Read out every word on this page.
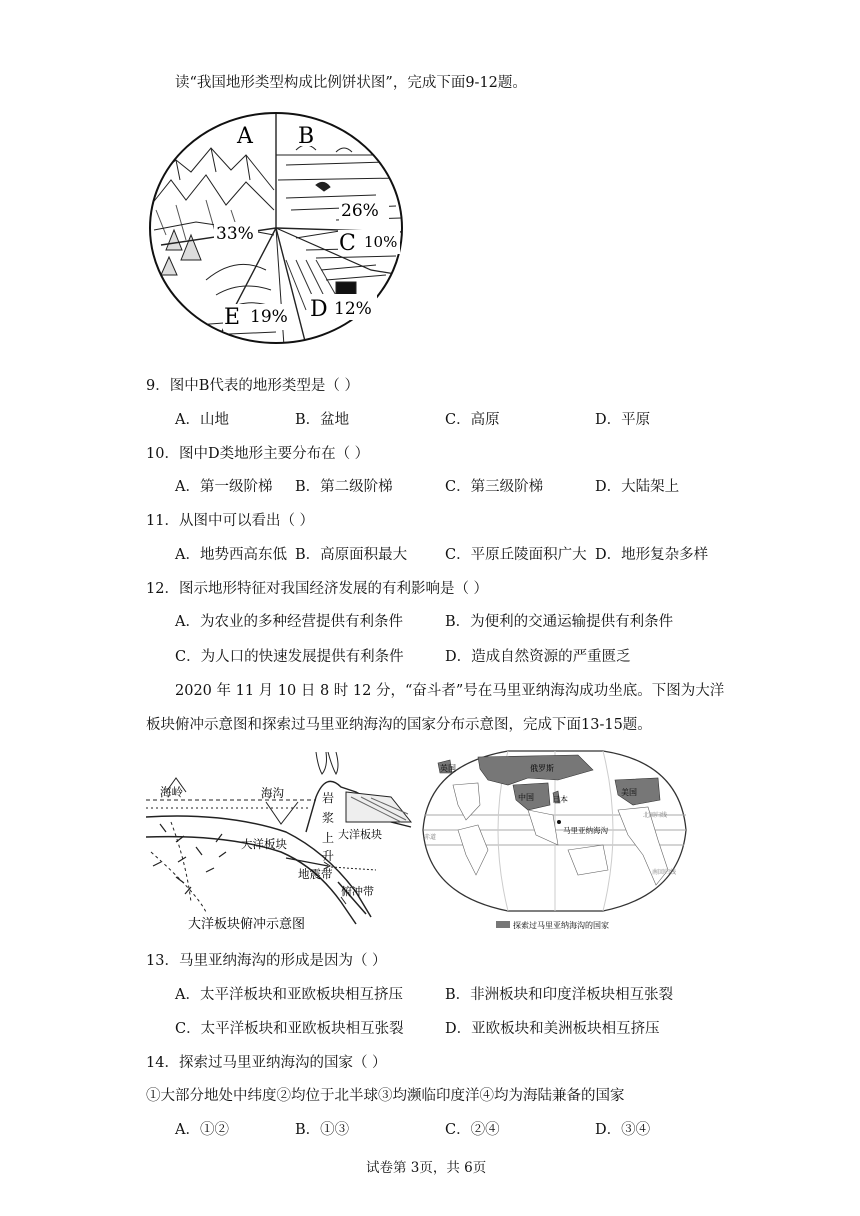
读“我国地形类型构成比例饼状图”，完成下面9-12题。
A B
26%
33%	C 10%
D 12%
E 19%
9．图中B代表的地形类型是（ ）
A．山地	B．盆地	C．高原	D．平原
10．图中D类地形主要分布在（ ）
A．第一级阶梯 B．第二级阶梯	C．第三级阶梯	D．大陆架上
11．从图中可以看出（ ）
A．地势西高东低 B．高原面积最大	C．平原丘陵面积广大 D．地形复杂多样
12．图示地形特征对我国经济发展的有利影响是（ ）
A．为农业的多种经营提供有利条件	B．为便利的交通运输提供有利条件
C．为人口的快速发展提供有利条件	D．造成自然资源的严重匮乏
2020 年 11 月 10 日 8 时 12 分，“奋斗者”号在马里亚纳海沟成功坐底。下图为大洋
板块俯冲示意图和探索过马里亚纳海沟的国家分布示意图，完成下面13-15题。
海岭	海沟	岩
浆
上
升
大洋板块
大洋板块
地震带
俯冲带
大洋板块俯冲示意图
英国	俄罗斯
中国 日本
美国
马里亚纳海沟
赤道
北回归线
南回归线
探索过马里亚纳海沟的国家
13．马里亚纳海沟的形成是因为（ ）
A．太平洋板块和亚欧板块相互挤压	B．非洲板块和印度洋板块相互张裂
C．太平洋板块和亚欧板块相互张裂	D．亚欧板块和美洲板块相互挤压
14．探索过马里亚纳海沟的国家（ ）
①大部分地处中纬度②均位于北半球③均濒临印度洋④均为海陆兼备的国家
A．①②	B．①③	C．②④	D．③④
试卷第 3页，共 6页
